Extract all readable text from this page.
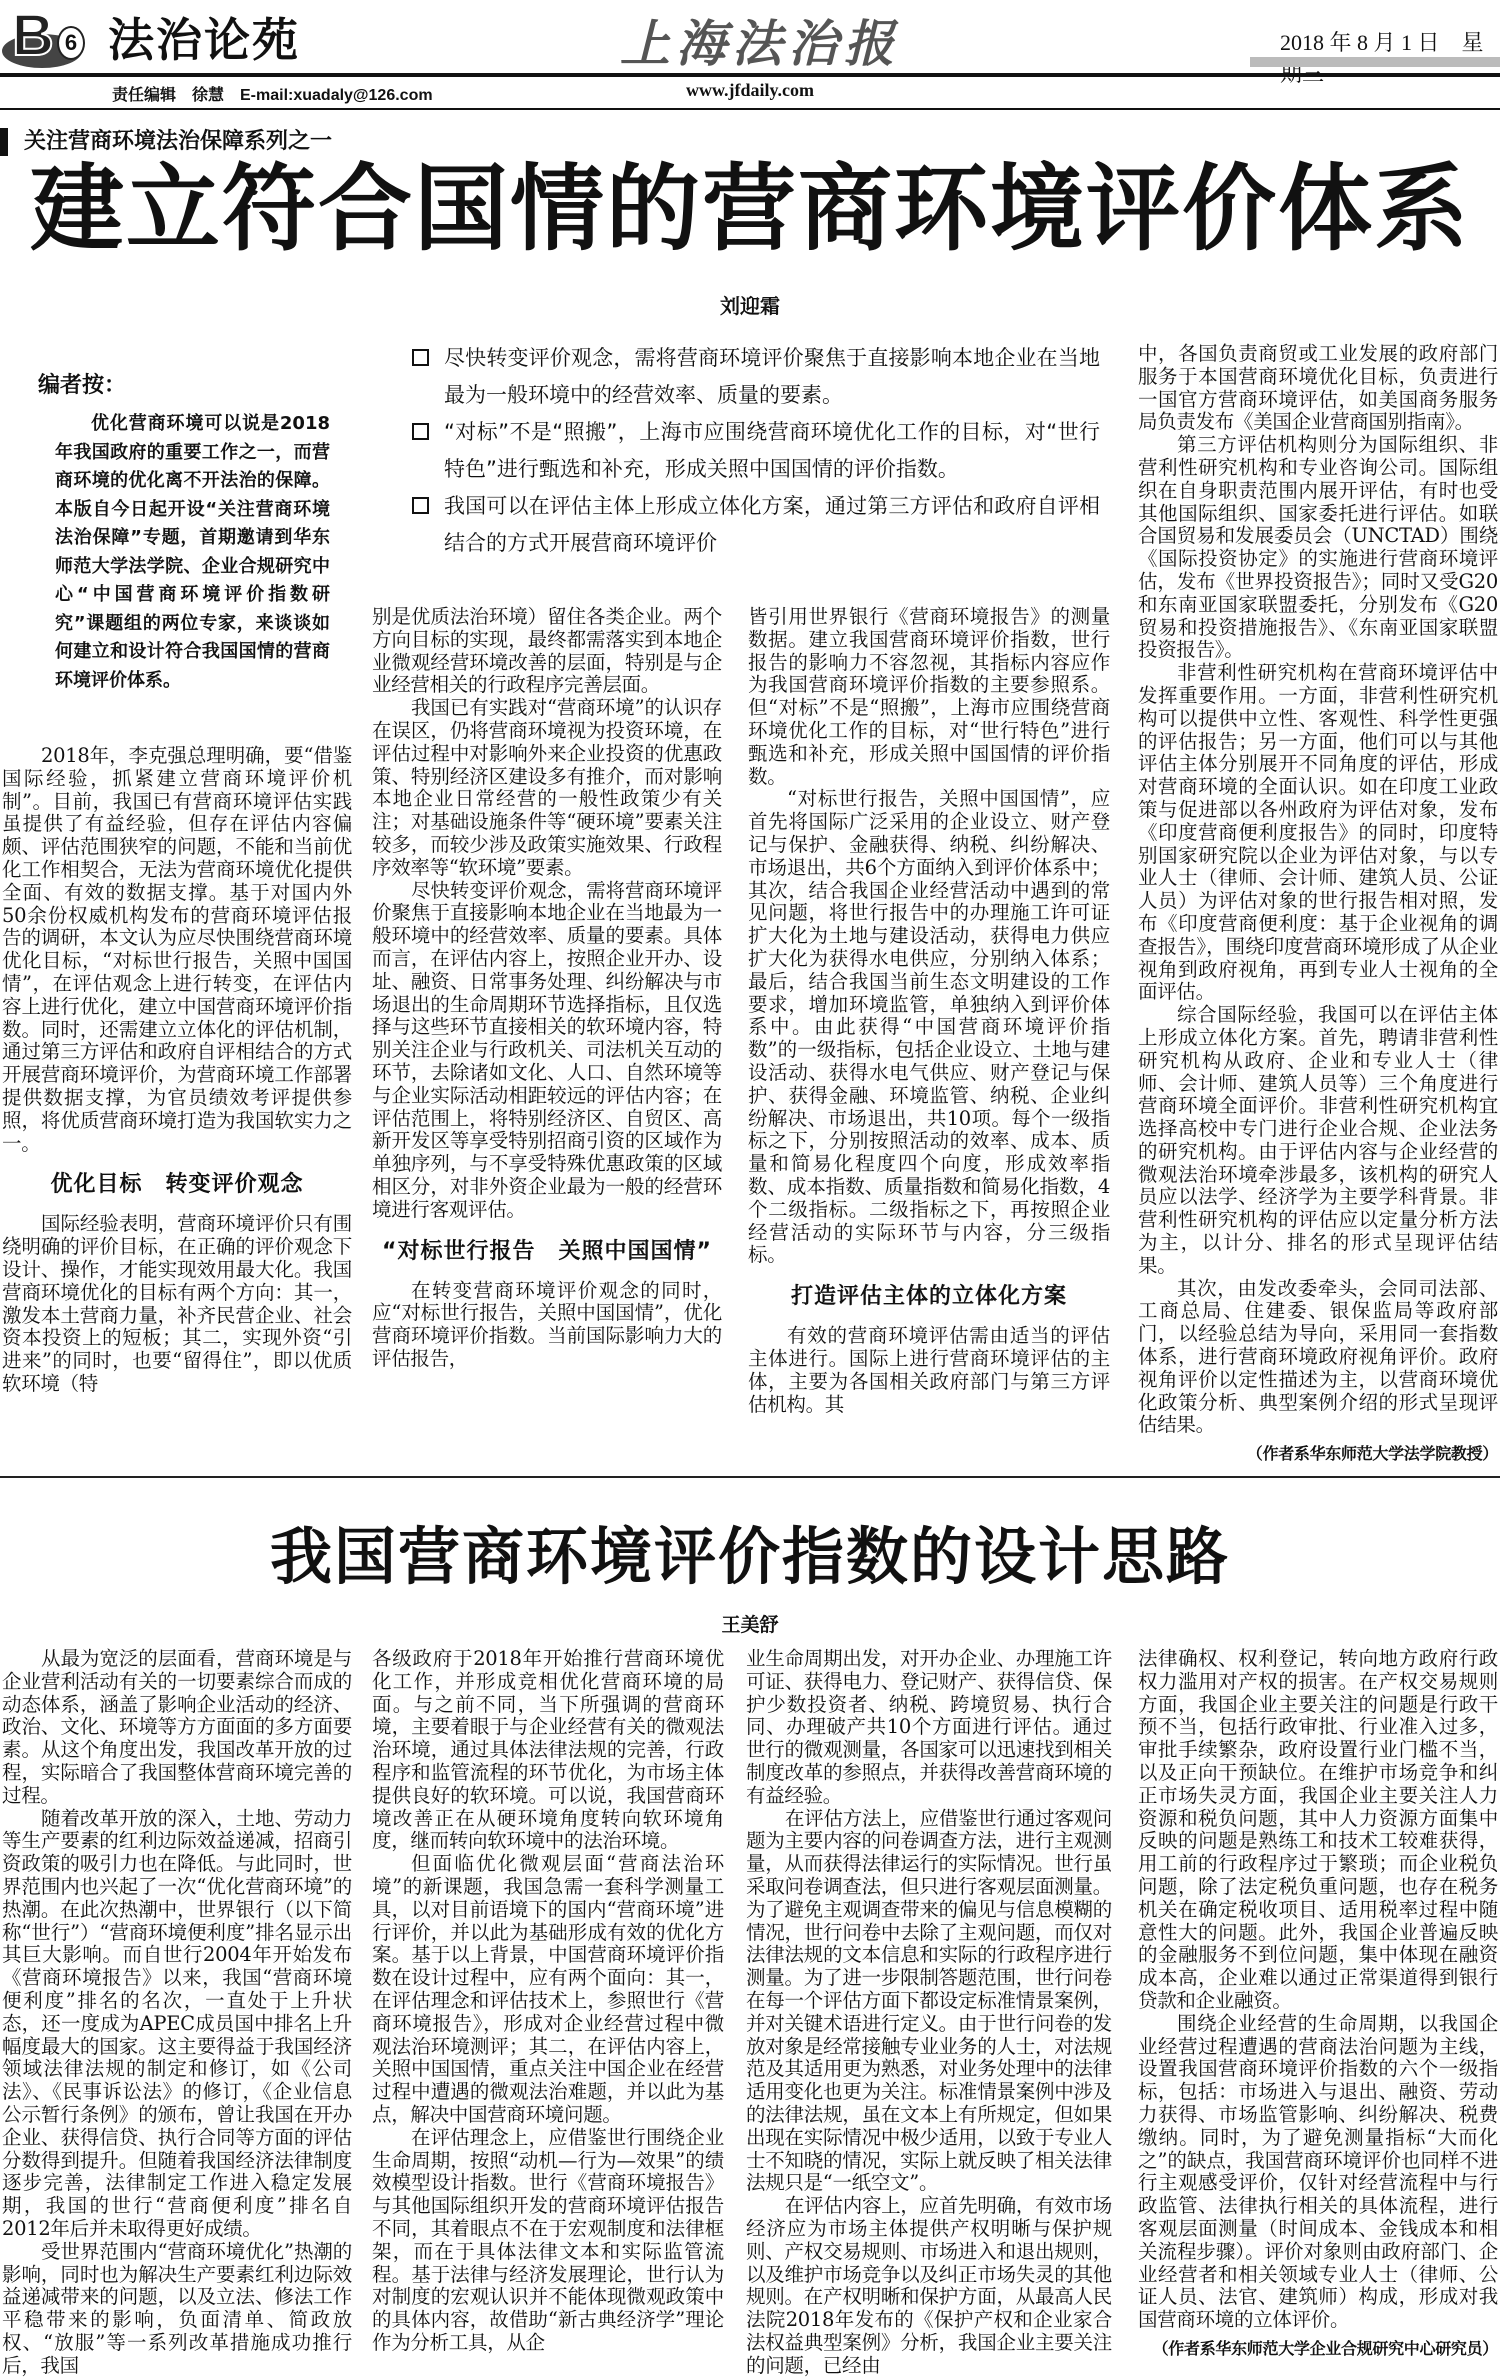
B 6 法治论苑	上海法治报	2018 年 8 月 1 日　星
责任编辑　徐慧　E-mail:xuadaly@126.com	www.jfdaily.com
关注营商环境法治保障系列之一
建立符合国情的营商环境评价体系
刘迎霜
编者按：
优化营商环境可以说是2018年我国政府的重要工作之一，而营商环境的优化离不开法治的保障。本版自今日起开设“关注营商环境法治保障”专题，首期邀请到华东师范大学法学院、企业合规研究中心“中国营商环境评价指数研究”课题组的两位专家，来谈谈如何建立和设计符合我国国情的营商环境评价体系。
尽快转变评价观念，需将营商环境评价聚焦于直接影响本地企业在当地最为一般环境中的经营效率、质量的要素。
“对标”不是“照搬”，上海市应围绕营商环境优化工作的目标，对“世行特色”进行甄选和补充，形成关照中国国情的评价指数。
我国可以在评估主体上形成立体化方案，通过第三方评估和政府自评相结合的方式开展营商环境评价

2018年，李克强总理明确，要“借鉴国际经验，抓紧建立营商环境评价机制”。目前，我国已有营商环境评估实践虽提供了有益经验，但存在评估内容偏颇、评估范围狭窄的问题，不能和当前优化工作相契合，无法为营商环境优化提供全面、有效的数据支撑。基于对国内外50余份权威机构发布的营商环境评估报告的调研，本文认为应尽快围绕营商环境优化目标，“对标世行报告，关照中国国情”，在评估观念上进行转变，在评估内容上进行优化，建立中国营商环境评价指数。同时，还需建立立体化的评估机制，通过第三方评估和政府自评相结合的方式开展营商环境评价，为营商环境工作部署提供数据支撑，为官员绩效考评提供参照，将优质营商环境打造为我国软实力之一。

优化目标　转变评价观念

国际经验表明，营商环境评价只有围绕明确的评价目标，在正确的评价观念下设计、操作，才能实现效用最大化。我国营商环境优化的目标有两个方向：其一，激发本土营商力量，补齐民营企业、社会资本投资上的短板；其二，实现外资“引进来”的同时，也要“留得住”，即以优质软环境（特

别是优质法治环境）留住各类企业。两个方向目标的实现，最终都需落实到本地企业微观经营环境改善的层面，特别是与企业经营相关的行政程序完善层面。

我国已有实践对“营商环境”的认识存在误区，仍将营商环境视为投资环境，在评估过程中对影响外来企业投资的优惠政策、特别经济区建设多有推介，而对影响本地企业日常经营的一般性政策少有关注；对基础设施条件等“硬环境”要素关注较多，而较少涉及政策实施效果、行政程序效率等“软环境”要素。

尽快转变评价观念，需将营商环境评价聚焦于直接影响本地企业在当地最为一般环境中的经营效率、质量的要素。具体而言，在评估内容上，按照企业开办、设址、融资、日常事务处理、纠纷解决与市场退出的生命周期环节选择指标，且仅选择与这些环节直接相关的软环境内容，特别关注企业与行政机关、司法机关互动的环节，去除诸如文化、人口、自然环境等与企业实际活动相距较远的评估内容；在评估范围上，将特别经济区、自贸区、高新开发区等享受特别招商引资的区域作为单独序列，与不享受特殊优惠政策的区域相区分，对非外资企业最为一般的经营环境进行客观评估。

“对标世行报告　关照中国国情”

在转变营商环境评价观念的同时，应“对标世行报告，关照中国国情”，优化营商环境评价指数。当前国际影响力大的评估报告，

皆引用世界银行《营商环境报告》的测量数据。建立我国营商环境评价指数，世行报告的影响力不容忽视，其指标内容应作为我国营商环境评价指数的主要参照系。但“对标”不是“照搬”，上海市应围绕营商环境优化工作的目标，对“世行特色”进行甄选和补充，形成关照中国国情的评价指数。

“对标世行报告，关照中国国情”，应首先将国际广泛采用的企业设立、财产登记与保护、金融获得、纳税、纠纷解决、市场退出，共6个方面纳入到评价体系中；其次，结合我国企业经营活动中遇到的常见问题，将世行报告中的办理施工许可证扩大化为土地与建设活动，获得电力供应扩大化为获得水电供应，分别纳入体系；最后，结合我国当前生态文明建设的工作要求，增加环境监管，单独纳入到评价体系中。由此获得“中国营商环境评价指数”的一级指标，包括企业设立、土地与建设活动、获得水电气供应、财产登记与保护、获得金融、环境监管、纳税、企业纠纷解决、市场退出，共10项。每个一级指标之下，分别按照活动的效率、成本、质量和简易化程度四个向度，形成效率指数、成本指数、质量指数和简易化指数，4个二级指标。二级指标之下，再按照企业经营活动的实际环节与内容，分三级指标。

打造评估主体的立体化方案

有效的营商环境评估需由适当的评估主体进行。国际上进行营商环境评估的主体，主要为各国相关政府部门与第三方评估机构。其

中，各国负责商贸或工业发展的政府部门服务于本国营商环境优化目标，负责进行一国官方营商环境评估，如美国商务服务局负责发布《美国企业营商国别指南》。

第三方评估机构则分为国际组织、非营利性研究机构和专业咨询公司。国际组织在自身职责范围内展开评估，有时也受其他国际组织、国家委托进行评估。如联合国贸易和发展委员会（UNCTAD）围绕《国际投资协定》的实施进行营商环境评估，发布《世界投资报告》；同时又受G20和东南亚国家联盟委托，分别发布《G20贸易和投资措施报告》、《东南亚国家联盟投资报告》。

非营利性研究机构在营商环境评估中发挥重要作用。一方面，非营利性研究机构可以提供中立性、客观性、科学性更强的评估报告；另一方面，他们可以与其他评估主体分别展开不同角度的评估，形成对营商环境的全面认识。如在印度工业政策与促进部以各州政府为评估对象，发布《印度营商便利度报告》的同时，印度特别国家研究院以企业为评估对象，与以专业人士（律师、会计师、建筑人员、公证人员）为评估对象的世行报告相对照，发布《印度营商便利度：基于企业视角的调查报告》，围绕印度营商环境形成了从企业视角到政府视角，再到专业人士视角的全面评估。

综合国际经验，我国可以在评估主体上形成立体化方案。首先，聘请非营利性研究机构从政府、企业和专业人士（律师、会计师、建筑人员等）三个角度进行营商环境全面评价。非营利性研究机构宜选择高校中专门进行企业合规、企业法务的研究机构。由于评估内容与企业经营的微观法治环境牵涉最多，该机构的研究人员应以法学、经济学为主要学科背景。非营利性研究机构的评估应以定量分析方法为主，以计分、排名的形式呈现评估结果。

其次，由发改委牵头，会同司法部、工商总局、住建委、银保监局等政府部门，以经验总结为导向，采用同一套指数体系，进行营商环境政府视角评价。政府视角评价以定性描述为主，以营商环境优化政策分析、典型案例介绍的形式呈现评估结果。

（作者系华东师范大学法学院教授）

我国营商环境评价指数的设计思路
王美舒

从最为宽泛的层面看，营商环境是与企业营利活动有关的一切要素综合而成的动态体系，涵盖了影响企业活动的经济、政治、文化、环境等方方面面的多方面要素。从这个角度出发，我国改革开放的过程，实际暗合了我国整体营商环境完善的过程。

随着改革开放的深入，土地、劳动力等生产要素的红利边际效益递减，招商引资政策的吸引力也在降低。与此同时，世界范围内也兴起了一次“优化营商环境”的热潮。在此次热潮中，世界银行（以下简称“世行”）“营商环境便利度”排名显示出其巨大影响。而自世行2004年开始发布《营商环境报告》以来，我国“营商环境便利度”排名的名次，一直处于上升状态，还一度成为APEC成员国中排名上升幅度最大的国家。这主要得益于我国经济领域法律法规的制定和修订，如《公司法》、《民事诉讼法》的修订，《企业信息公示暂行条例》的颁布，曾让我国在开办企业、获得信贷、执行合同等方面的评估分数得到提升。但随着我国经济法律制度逐步完善，法律制定工作进入稳定发展期，我国的世行“营商便利度”排名自2012年后并未取得更好成绩。

受世界范围内“营商环境优化”热潮的影响，同时也为解决生产要素红利边际效益递减带来的问题，以及立法、修法工作平稳带来的影响，负面清单、简政放权、“放服”等一系列改革措施成功推行后，我国

各级政府于2018年开始推行营商环境优化工作，并形成竞相优化营商环境的局面。与之前不同，当下所强调的营商环境，主要着眼于与企业经营有关的微观法治环境，通过具体法律法规的完善，行政程序和监管流程的环节优化，为市场主体提供良好的软环境。可以说，我国营商环境改善正在从硬环境角度转向软环境角度，继而转向软环境中的法治环境。

但面临优化微观层面“营商法治环境”的新课题，我国急需一套科学测量工具，以对目前语境下的国内“营商环境”进行评价，并以此为基础形成有效的优化方案。基于以上背景，中国营商环境评价指数在设计过程中，应有两个面向：其一，在评估理念和评估技术上，参照世行《营商环境报告》，形成对企业经营过程中微观法治环境测评；其二，在评估内容上，关照中国国情，重点关注中国企业在经营过程中遭遇的微观法治难题，并以此为基点，解决中国营商环境问题。

在评估理念上，应借鉴世行围绕企业生命周期，按照“动机—行为—效果”的绩效模型设计指数。世行《营商环境报告》与其他国际组织开发的营商环境评估报告不同，其着眼点不在于宏观制度和法律框架，而在于具体法律文本和实际监管流程。基于法律与经济发展理论，世行认为对制度的宏观认识并不能体现微观政策中的具体内容，故借助“新古典经济学”理论作为分析工具，从企

业生命周期出发，对开办企业、办理施工许可证、获得电力、登记财产、获得信贷、保护少数投资者、纳税、跨境贸易、执行合同、办理破产共10个方面进行评估。通过世行的微观测量，各国家可以迅速找到相关制度改革的参照点，并获得改善营商环境的有益经验。

在评估方法上，应借鉴世行通过客观问题为主要内容的问卷调查方法，进行主观测量，从而获得法律运行的实际情况。世行虽采取问卷调查法，但只进行客观层面测量。为了避免主观调查带来的偏见与信息模糊的情况，世行问卷中去除了主观问题，而仅对法律法规的文本信息和实际的行政程序进行测量。为了进一步限制答题范围，世行问卷在每一个评估方面下都设定标准情景案例，并对关键术语进行定义。由于世行问卷的发放对象是经常接触专业业务的人士，对法规范及其适用更为熟悉，对业务处理中的法律适用变化也更为关注。标准情景案例中涉及的法律法规，虽在文本上有所规定，但如果出现在实际情况中极少适用，以致于专业人士不知晓的情况，实际上就反映了相关法律法规只是“一纸空文”。

在评估内容上，应首先明确，有效市场经济应为市场主体提供产权明晰与保护规则、产权交易规则、市场进入和退出规则，以及维护市场竞争以及纠正市场失灵的其他规则。在产权明晰和保护方面，从最高人民法院2018年发布的《保护产权和企业家合法权益典型案例》分析，我国企业主要关注的问题，已经由

法律确权、权利登记，转向地方政府行政权力滥用对产权的损害。在产权交易规则方面，我国企业主要关注的问题是行政干预不当，包括行政审批、行业准入过多，审批手续繁杂，政府设置行业门槛不当，以及正向干预缺位。在维护市场竞争和纠正市场失灵方面，我国企业主要关注人力资源和税负问题，其中人力资源方面集中反映的问题是熟练工和技术工较难获得，用工前的行政程序过于繁琐；而企业税负问题，除了法定税负重问题，也存在税务机关在确定税收项目、适用税率过程中随意性大的问题。此外，我国企业普遍反映的金融服务不到位问题，集中体现在融资成本高，企业难以通过正常渠道得到银行贷款和企业融资。

围绕企业经营的生命周期，以我国企业经营过程遭遇的营商法治问题为主线，设置我国营商环境评价指数的六个一级指标，包括：市场进入与退出、融资、劳动力获得、市场监管影响、纠纷解决、税费缴纳。同时，为了避免测量指标“大而化之”的缺点，我国营商环境评价也同样不进行主观感受评价，仅针对经营流程中与行政监管、法律执行相关的具体流程，进行客观层面测量（时间成本、金钱成本和相关流程步骤）。评价对象则由政府部门、企业经营者和相关领域专业人士（律师、公证人员、法官、建筑师）构成，形成对我国营商环境的立体评价。

（作者系华东师范大学企业合规研究中心研究员）
